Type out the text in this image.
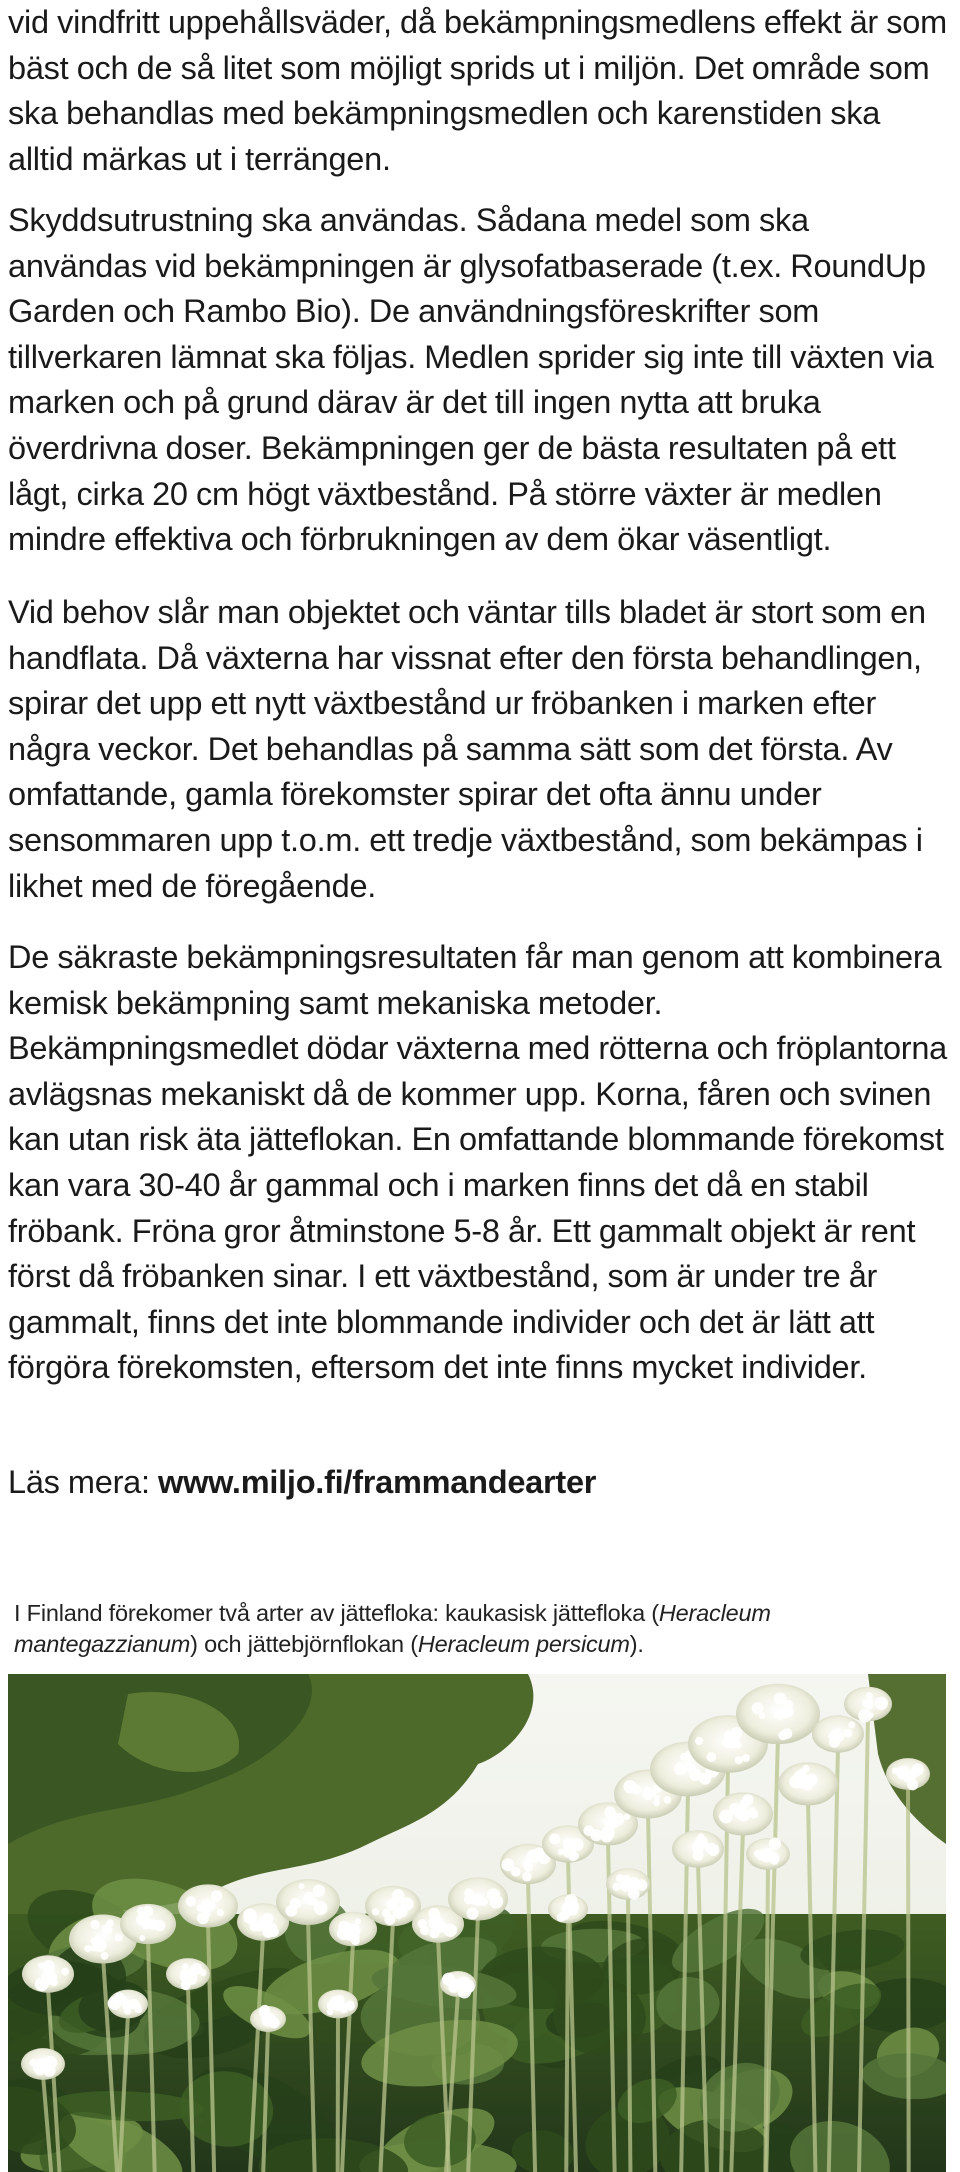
vid vindfritt uppehållsväder, då bekämpningsmedlens effekt är som bäst och de så litet som möjligt sprids ut i miljön. Det område som ska behandlas med bekämpningsmedlen och karenstiden ska alltid märkas ut i terrängen.

Skyddsutrustning ska användas. Sådana medel som ska användas vid bekämpningen är glysofatbaserade (t.ex. RoundUp Garden och Rambo Bio). De användningsföreskrifter som tillverkaren lämnat ska följas. Medlen sprider sig inte till växten via marken och på grund därav är det till ingen nytta att bruka överdrivna doser. Bekämpningen ger de bästa resultaten på ett lågt, cirka 20 cm högt växtbestånd. På större växter är medlen mindre effektiva och förbrukningen av dem ökar väsentligt.

Vid behov slår man objektet och väntar tills bladet är stort som en handflata. Då växterna har vissnat efter den första behandlingen, spirar det upp ett nytt växtbestånd ur fröbanken i marken efter några veckor. Det behandlas på samma sätt som det första. Av omfattande, gamla förekomster spirar det ofta ännu under sensommaren upp t.o.m. ett tredje växtbestånd, som bekämpas i likhet med de föregående.

De säkraste bekämpningsresultaten får man genom att kombinera kemisk bekämpning samt mekaniska metoder. Bekämpningsmedlet dödar växterna med rötterna och fröplantorna avlägsnas mekaniskt då de kommer upp. Korna, fåren och svinen kan utan risk äta jätteflokan. En omfattande blommande förekomst kan vara 30-40 år gammal och i marken finns det då en stabil fröbank. Fröna gror åtminstone 5-8 år. Ett gammalt objekt är rent först då fröbanken sinar. I ett växtbestånd, som är under tre år gammalt, finns det inte blommande individer och det är lätt att förgöra förekomsten, eftersom det inte finns mycket individer.

Läs mera: www.miljo.fi/frammandearter

I Finland förekomer två arter av jätteflokа: kaukasisk jättefloka (Heracleum mantegazzianum) och jättebjörnflokan (Heracleum persicum).
